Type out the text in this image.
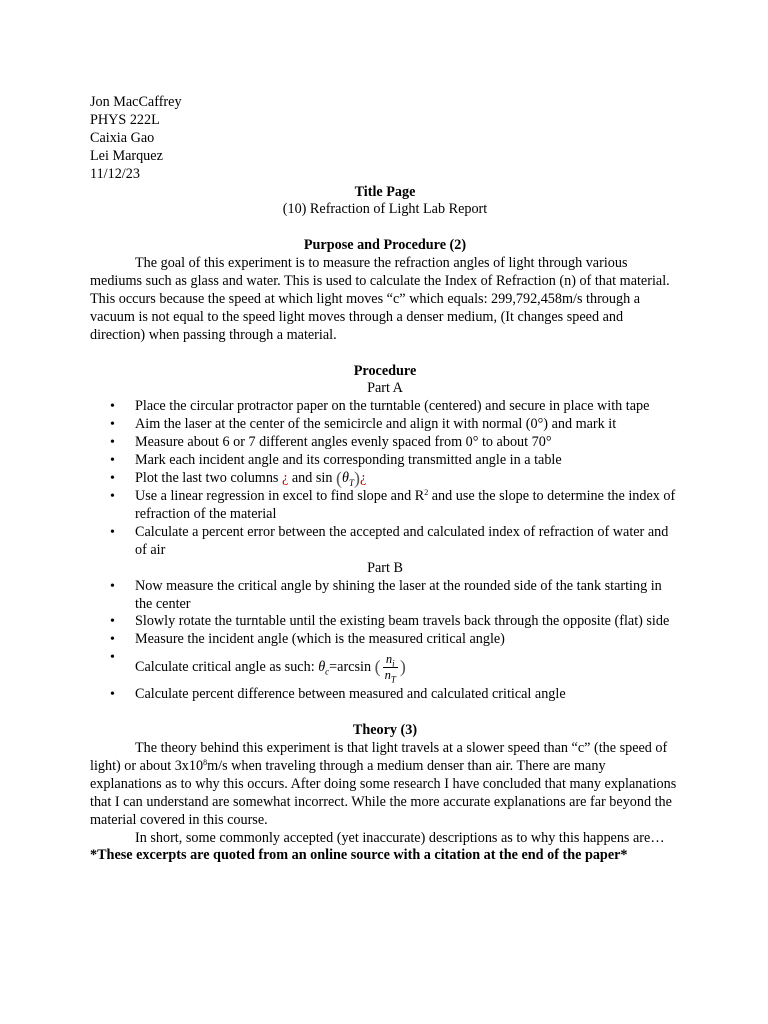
Jon MacCaffrey
PHYS 222L
Caixia Gao
Lei Marquez
11/12/23
Title Page
(10) Refraction of Light Lab Report
Purpose and Procedure (2)

The goal of this experiment is to measure the refraction angles of light through various mediums such as glass and water. This is used to calculate the Index of Refraction (n) of that material. This occurs because the speed at which light moves “c” which equals: 299,792,458m/s through a vacuum is not equal to the speed light moves through a denser medium, (It changes speed and direction) when passing through a material.

Procedure
Part A
• Place the circular protractor paper on the turntable (centered) and secure in place with tape
• Aim the laser at the center of the semicircle and align it with normal (0°) and mark it
• Measure about 6 or 7 different angles evenly spaced from 0° to about 70°
• Mark each incident angle and its corresponding transmitted angle in a table
• Plot the last two columns ¿ and $\sin (\theta_T)¿$
• Use a linear regression in excel to find slope and $R^2$ and use the slope to determine the index of refraction of the material
• Calculate a percent error between the accepted and calculated index of refraction of water and of air
Part B
• Now measure the critical angle by shining the laser at the rounded side of the tank starting in the center
• Slowly rotate the turntable until the existing beam travels back through the opposite (flat) side
• Measure the incident angle (which is the measured critical angle)
• Calculate critical angle as such: $\theta_c=\arcsin$ ( $\frac{n_i}{n_T}$ )
• Calculate percent difference between measured and calculated critical angle
Theory (3)

The theory behind this experiment is that light travels at a slower speed than “c” (the speed of light) or about $3x10^8m/s$ when traveling through a medium denser than air. There are many explanations as to why this occurs. After doing some research I have concluded that many explanations that I can understand are somewhat incorrect. While the more accurate explanations are far beyond the material covered in this course.

In short, some commonly accepted (yet inaccurate) descriptions as to why this happens are…

*These excerpts are quoted from an online source with a citation at the end of the paper*
